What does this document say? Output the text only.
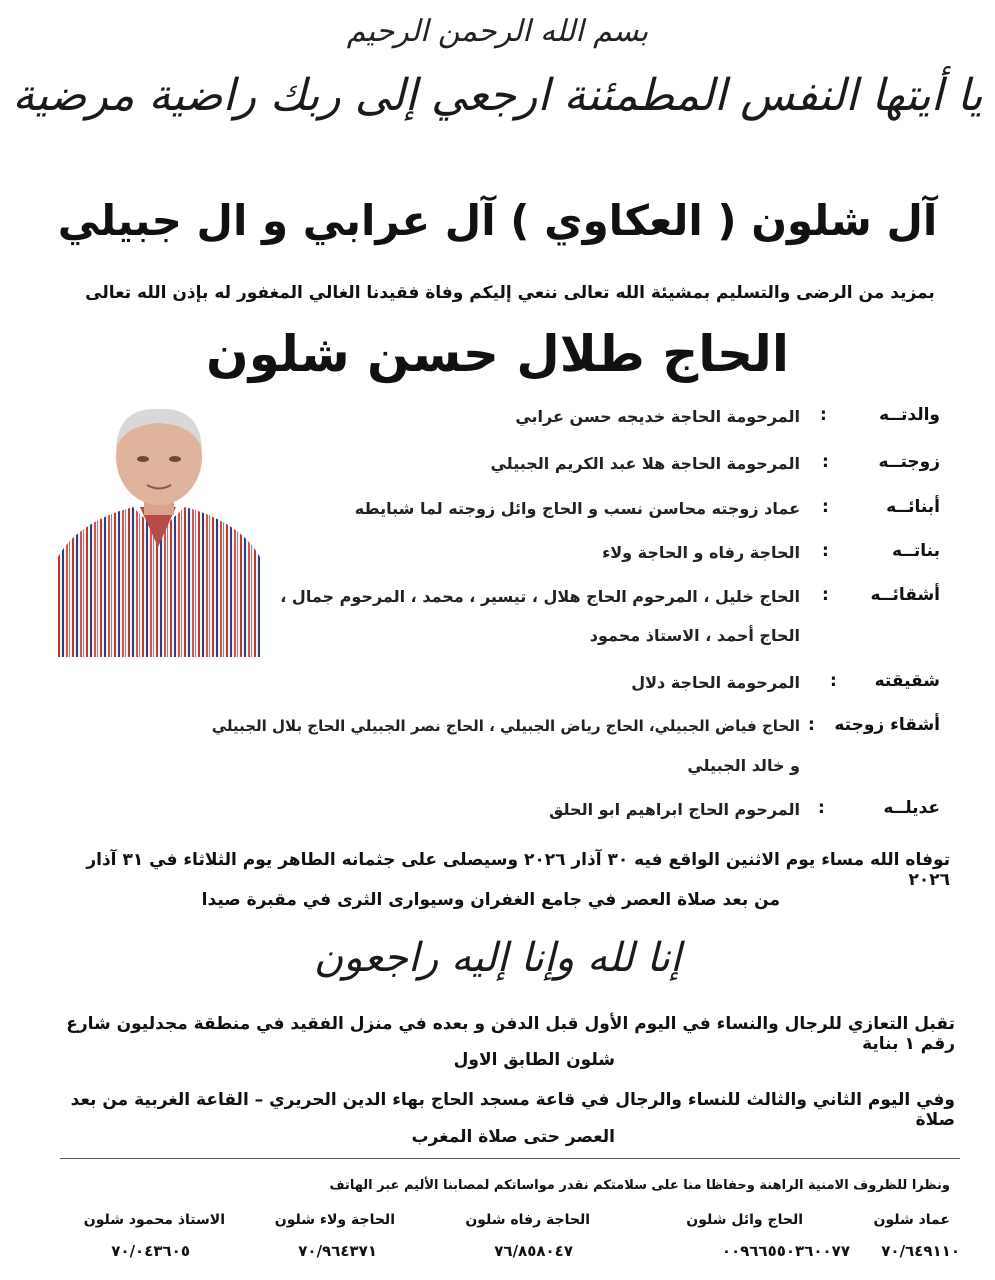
بسم الله الرحمن الرحيم
يا أيتها النفس المطمئنة ارجعي إلى ربك راضية مرضية
آل شلون ( العكاوي ) آل عرابي و ال جبيلي
بمزيد من الرضى والتسليم بمشيئة الله تعالى ننعي إليكم وفاة فقيدنا الغالي المغفور له بإذن الله تعالى
الحاج طلال حسن شلون
والدتــه
:
المرحومة الحاجة خديجه حسن عرابي
زوجتــه
:
المرحومة الحاجة هلا عبد الكريم الجبيلي
أبنائــه
:
عماد زوجته محاسن نسب و الحاج وائل زوجته لما شبايطه
بناتــه
:
الحاجة رفاه و الحاجة ولاء
أشقائــه
:
الحاج خليل ، المرحوم الحاج هلال ، تيسير ، محمد ، المرحوم جمال ،
الحاج أحمد ، الاستاذ محمود
شقيقته
:
المرحومة الحاجة دلال
أشقاء زوجته
:
الحاج فياض الجبيلي، الحاج رياض الجبيلي ، الحاج نصر الجبيلي الحاج بلال الجبيلي
و خالد الجبيلي
عديلــه
:
المرحوم الحاج ابراهيم ابو الحلق
توفاه الله مساء يوم الاثنين الواقع فيه ٣٠ آذار ٢٠٢٦ وسيصلى على جثمانه الطاهر يوم الثلاثاء في ٣١ آذار ٢٠٢٦
من بعد صلاة العصر في جامع الغفران وسيوارى الثرى في مقبرة صيدا
إنا لله وإنا إليه راجعون
تقبل التعازي للرجال والنساء في اليوم الأول قبل الدفن و بعده في منزل الفقيد في منطقة مجدليون شارع رقم ١ بناية
شلون الطابق الاول
وفي اليوم الثاني والثالث للنساء والرجال في قاعة مسجد الحاج بهاء الدين الحريري – القاعة الغربية من بعد صلاة
العصر حتى صلاة المغرب
ونظرا للظروف الامنية الراهنة وحفاظا منا على سلامتكم نقدر مواساتكم لمصابنا الأليم عبر الهاتف
عماد شلون
٧٠/٦٤٩١١٠
الحاج وائل شلون
٠٠٩٦٦٥٥٠٣٦٠٠٧٧
الحاجة رفاه شلون
٧٦/٨٥٨٠٤٧
الحاجة ولاء شلون
٧٠/٩٦٤٣٧١
الاستاذ محمود شلون
٧٠/٠٤٣٦٠٥
